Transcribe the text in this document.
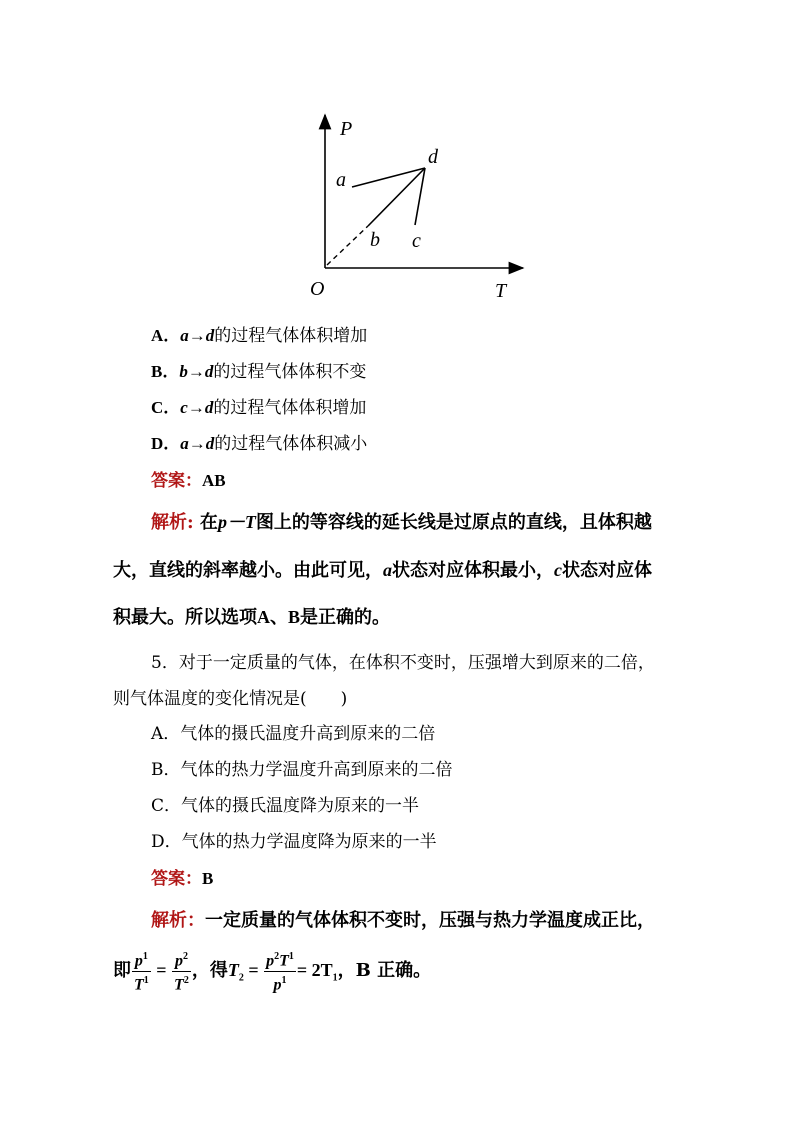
P
T
O
a
b c
d
A．a→d的过程气体体积增加
B．b→d的过程气体体积不变
C．c→d的过程气体体积增加
D．a→d的过程气体体积减小
答案：AB
解析: 在p－T图上的等容线的延长线是过原点的直线，且体积越
大，直线的斜率越小。由此可见，a状态对应体积最小，c状态对应体
积最大。所以选项A、B是正确的。
5．对于一定质量的气体，在体积不变时，压强增大到原来的二倍，
则气体温度的变化情况是(　　)
A．气体的摄氏温度升高到原来的二倍
B．气体的热力学温度升高到原来的二倍
C．气体的摄氏温度降为原来的一半
D．气体的热力学温度降为原来的一半
答案：B
解析：一定质量的气体体积不变时，压强与热力学温度成正比，
即 $\frac{p^1}{T^1} = \frac{p^2}{T^2}$ ，得$T_2 = \frac{p^2T^1}{p^1} = 2T_1$，B 正确。
